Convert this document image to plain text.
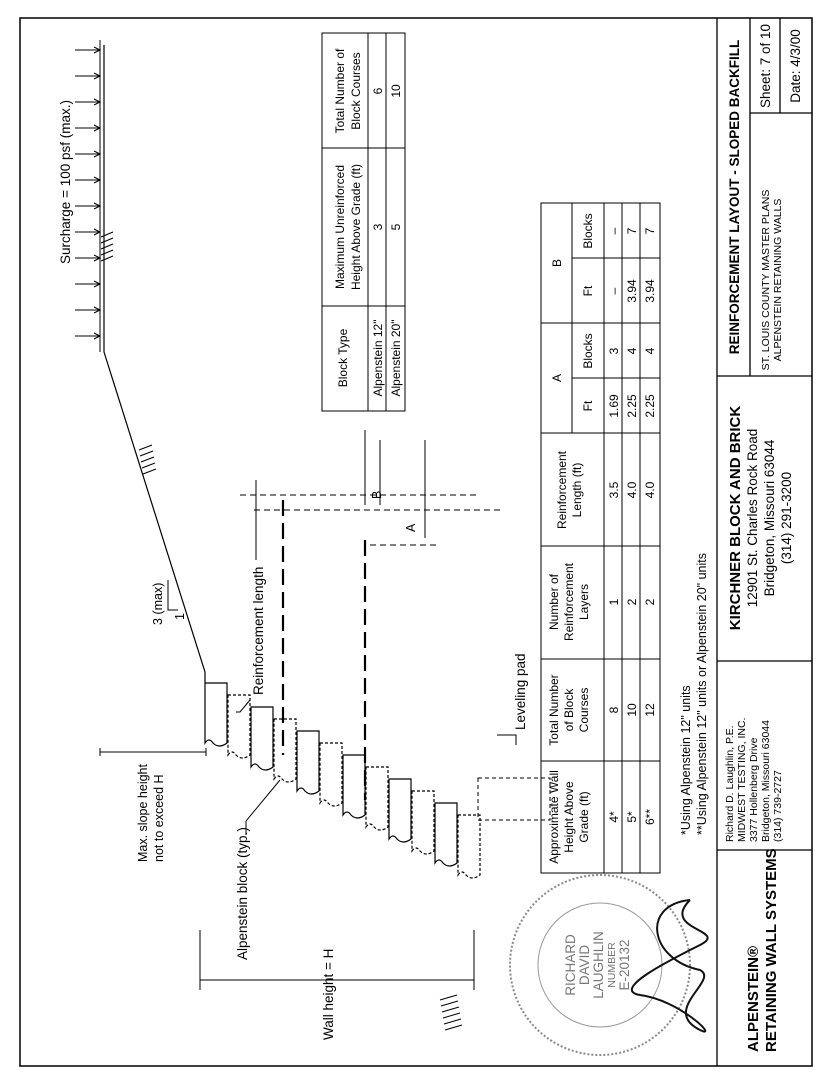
ALPENSTEIN® RETAINING WALL SYSTEMS
Richard D. Laughlin, P.E. MIDWEST TESTING, INC. 3377 Hollenberg Drive Bridgeton, Missouri 63044 (314) 739-2727
KIRCHNER BLOCK AND BRICK 12901 St. Charles Rock Road Bridgeton, Missouri 63044 (314) 291-3200
REINFORCEMENT LAYOUT - SLOPED BACKFILL ST. LOUIS COUNTY MASTER PLANS ALPENSTEIN RETAINING WALLS
Sheet: 7 of 10 Date: 4/3/00
Block Type
Maximum Unreinforced Height Above Grade (ft)
Total Number of Block Courses
Alpenstein 12"
3
6
Alpenstein 20"
5
10
Approximate Wall Height Above Grade (ft)
Total Number of Block Courses
Number of Reinforcement Layers
Reinforcement Length (ft)
A
B
Ft
Blocks
Ft
Blocks
4*
8
1
3.5
1.69
3
–
–
5*
10
2
4.0
2.25
4
3.94
7
6**
12
2
4.0
2.25
4
3.94
7
*Using Alpenstein 12" units **Using Alpenstein 12" units or Alpenstein 20" units
Surcharge = 100 psf (max.)
3 (max) 1
B
A
Reinforcement length	Leveling pad
Max. slope height not to exceed H
Alpenstein block (typ.)
Wall height = H	RICHARD DAVID LAUGHLIN NUMBER E-20132
